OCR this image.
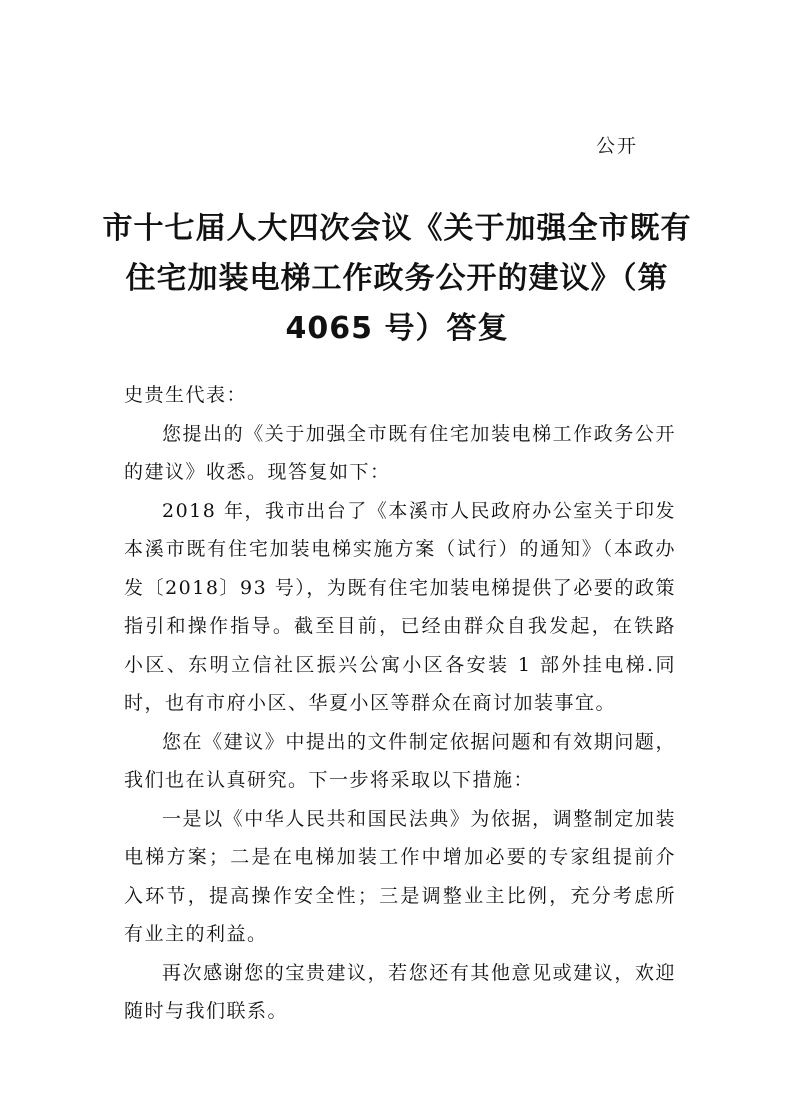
公开
市十七届人大四次会议《关于加强全市既有
住宅加装电梯工作政务公开的建议》（第
4065 号）答复

史贵生代表：

您提出的《关于加强全市既有住宅加装电梯工作政务公开的建议》收悉。现答复如下：

2018 年，我市出台了《本溪市人民政府办公室关于印发本溪市既有住宅加装电梯实施方案（试行）的通知》（本政办发〔2018〕93 号），为既有住宅加装电梯提供了必要的政策指引和操作指导。截至目前，已经由群众自我发起，在铁路小区、东明立信社区振兴公寓小区各安装 1 部外挂电梯.同时，也有市府小区、华夏小区等群众在商讨加装事宜。

您在《建议》中提出的文件制定依据问题和有效期问题，我们也在认真研究。下一步将采取以下措施：

一是以《中华人民共和国民法典》为依据，调整制定加装电梯方案；二是在电梯加装工作中增加必要的专家组提前介入环节，提高操作安全性；三是调整业主比例，充分考虑所有业主的利益。

再次感谢您的宝贵建议，若您还有其他意见或建议，欢迎随时与我们联系。
